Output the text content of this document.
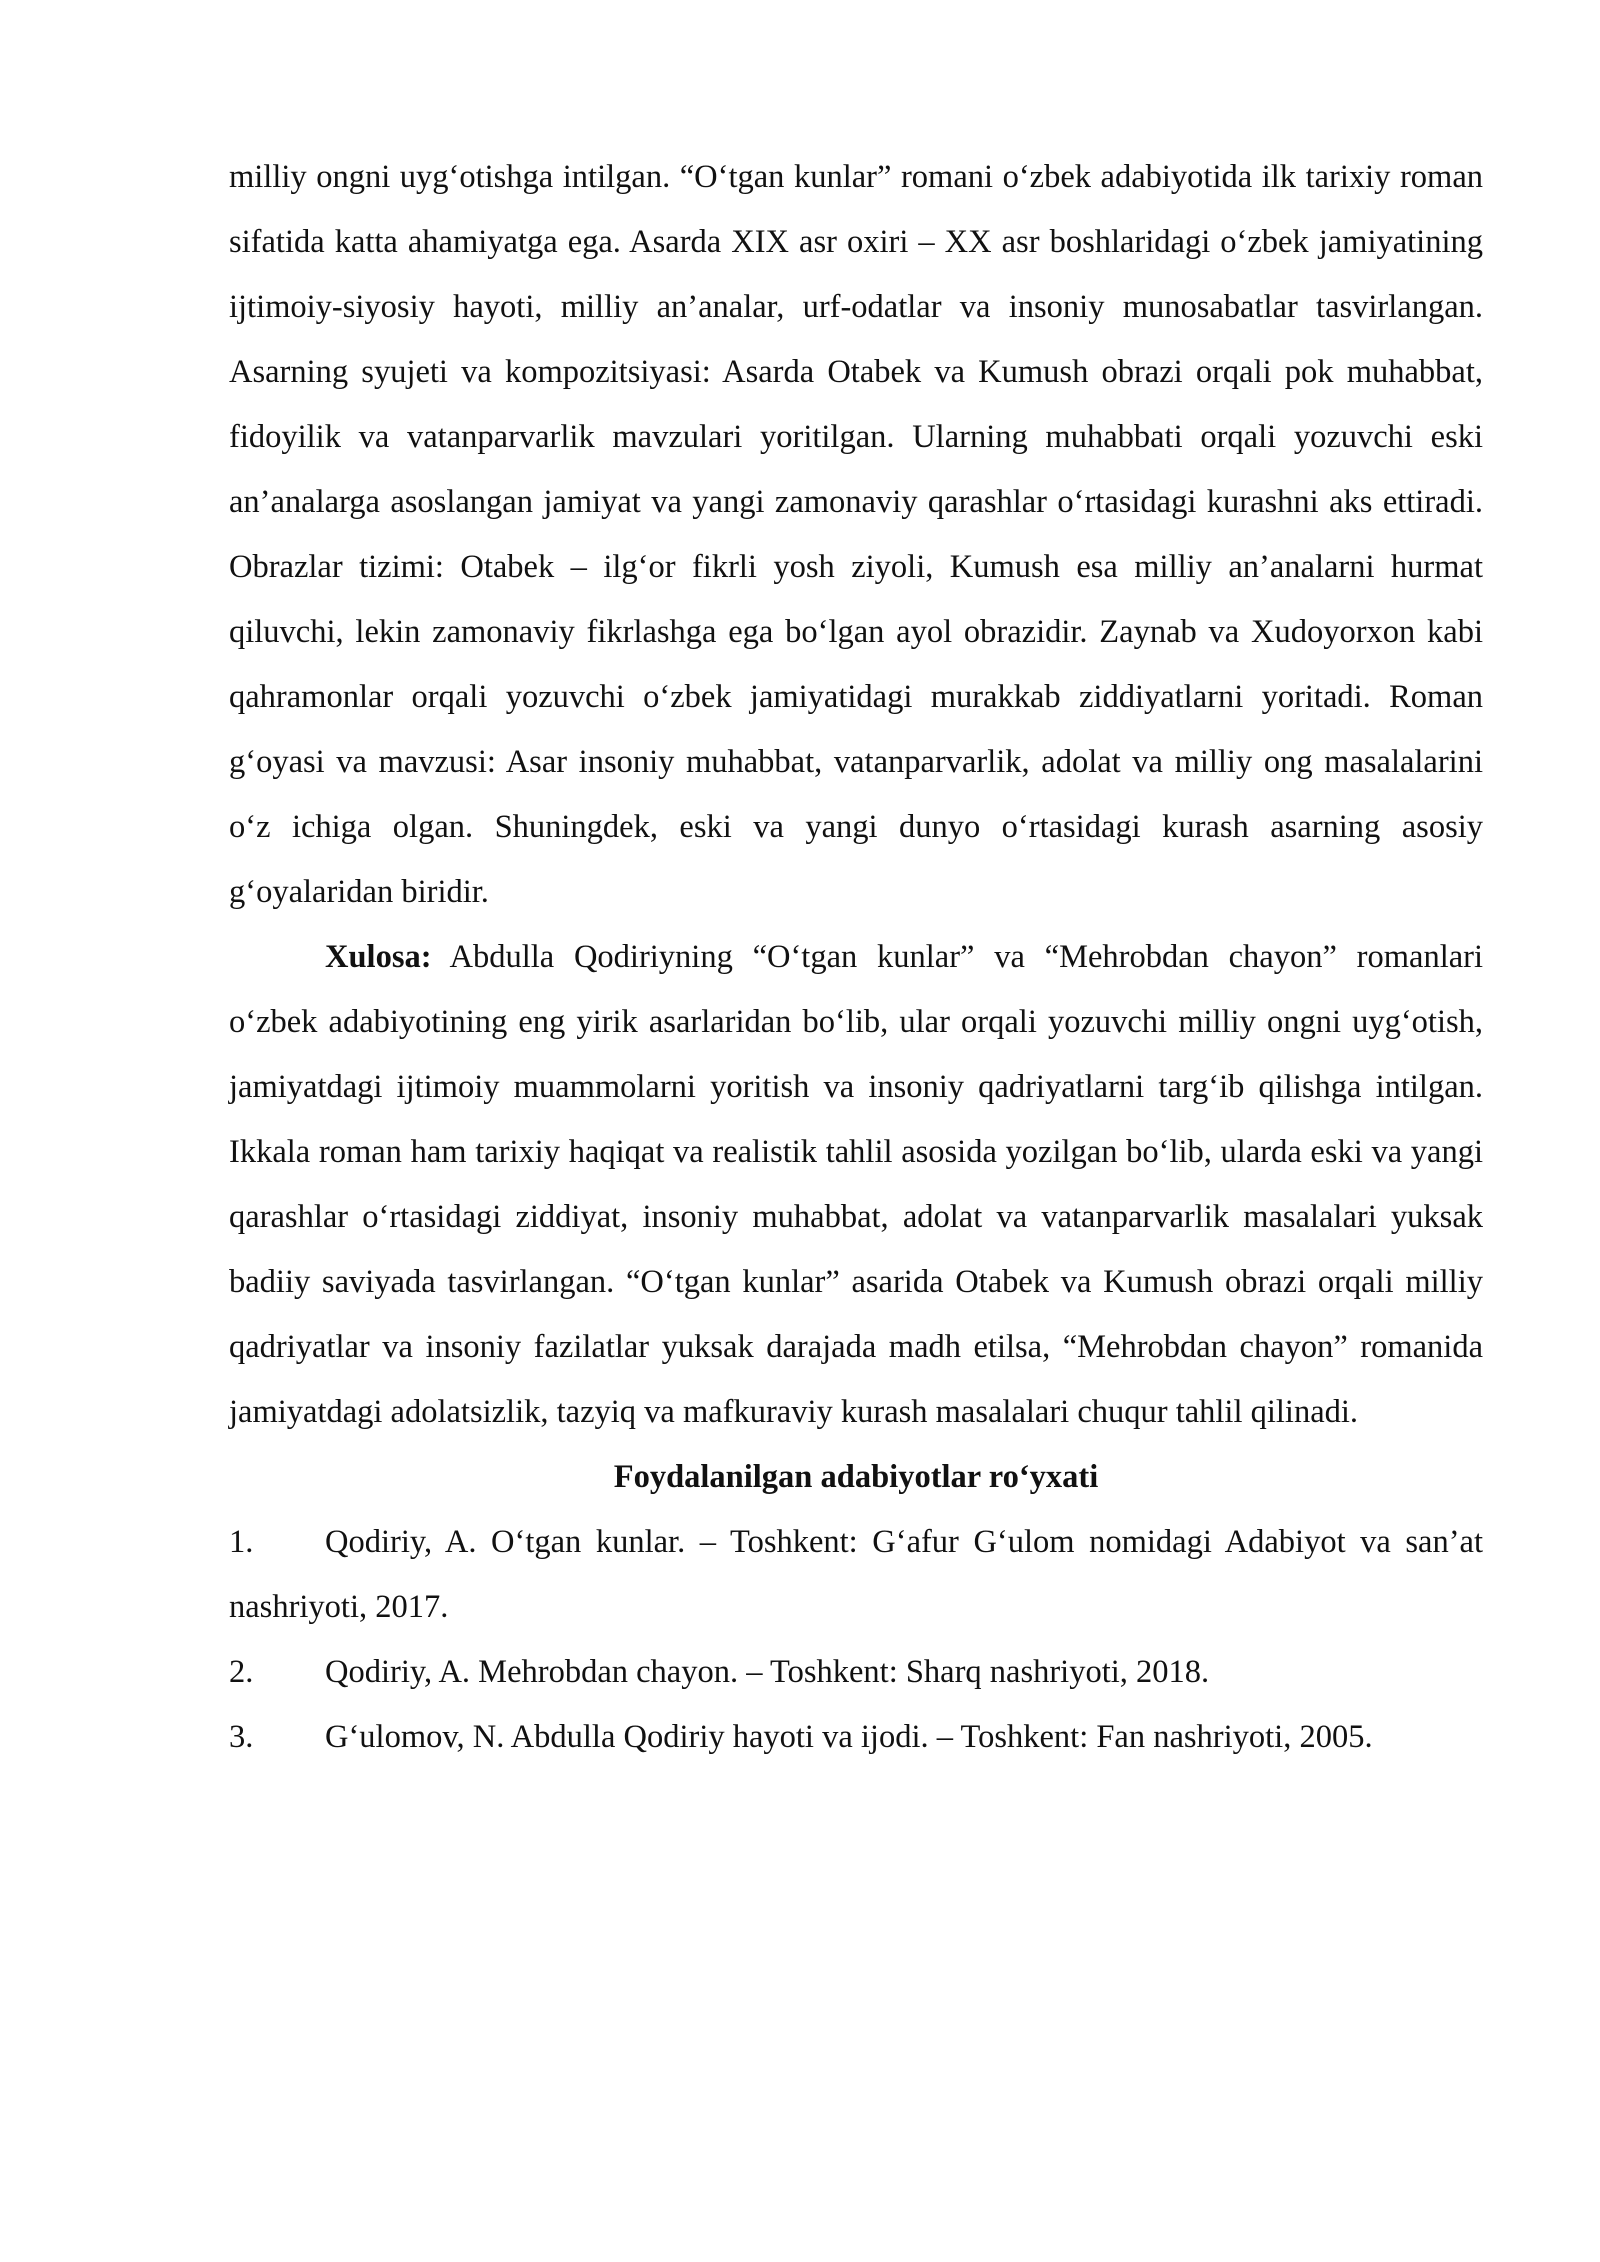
milliy ongni uyg‘otishga intilgan. “O‘tgan kunlar” romani o‘zbek adabiyotida ilk tarixiy roman sifatida katta ahamiyatga ega. Asarda XIX asr oxiri – XX asr boshlaridagi o‘zbek jamiyatining ijtimoiy-siyosiy hayoti, milliy an’analar, urf-odatlar va insoniy munosabatlar tasvirlangan. Asarning syujeti va kompozitsiyasi: Asarda Otabek va Kumush obrazi orqali pok muhabbat, fidoyilik va vatanparvarlik mavzulari yoritilgan. Ularning muhabbati orqali yozuvchi eski an’analarga asoslangan jamiyat va yangi zamonaviy qarashlar o‘rtasidagi kurashni aks ettiradi. Obrazlar tizimi: Otabek – ilg‘or fikrli yosh ziyoli, Kumush esa milliy an’analarni hurmat qiluvchi, lekin zamonaviy fikrlashga ega bo‘lgan ayol obrazidir. Zaynab va Xudoyorxon kabi qahramonlar orqali yozuvchi o‘zbek jamiyatidagi murakkab ziddiyatlarni yoritadi. Roman g‘oyasi va mavzusi: Asar insoniy muhabbat, vatanparvarlik, adolat va milliy ong masalalarini o‘z ichiga olgan. Shuningdek, eski va yangi dunyo o‘rtasidagi kurash asarning asosiy g‘oyalaridan biridir.

Xulosa: Abdulla Qodiriyning “O‘tgan kunlar” va “Mehrobdan chayon” romanlari o‘zbek adabiyotining eng yirik asarlaridan bo‘lib, ular orqali yozuvchi milliy ongni uyg‘otish, jamiyatdagi ijtimoiy muammolarni yoritish va insoniy qadriyatlarni targ‘ib qilishga intilgan. Ikkala roman ham tarixiy haqiqat va realistik tahlil asosida yozilgan bo‘lib, ularda eski va yangi qarashlar o‘rtasidagi ziddiyat, insoniy muhabbat, adolat va vatanparvarlik masalalari yuksak badiiy saviyada tasvirlangan. “O‘tgan kunlar” asarida Otabek va Kumush obrazi orqali milliy qadriyatlar va insoniy fazilatlar yuksak darajada madh etilsa, “Mehrobdan chayon” romanida jamiyatdagi adolatsizlik, tazyiq va mafkuraviy kurash masalalari chuqur tahlil qilinadi.

Foydalanilgan adabiyotlar ro‘yxati

1. Qodiriy, A. O‘tgan kunlar. – Toshkent: G‘afur G‘ulom nomidagi Adabiyot va san’at nashriyoti, 2017.

2. Qodiriy, A. Mehrobdan chayon. – Toshkent: Sharq nashriyoti, 2018.

3. G‘ulomov, N. Abdulla Qodiriy hayoti va ijodi. – Toshkent: Fan nashriyoti, 2005.
